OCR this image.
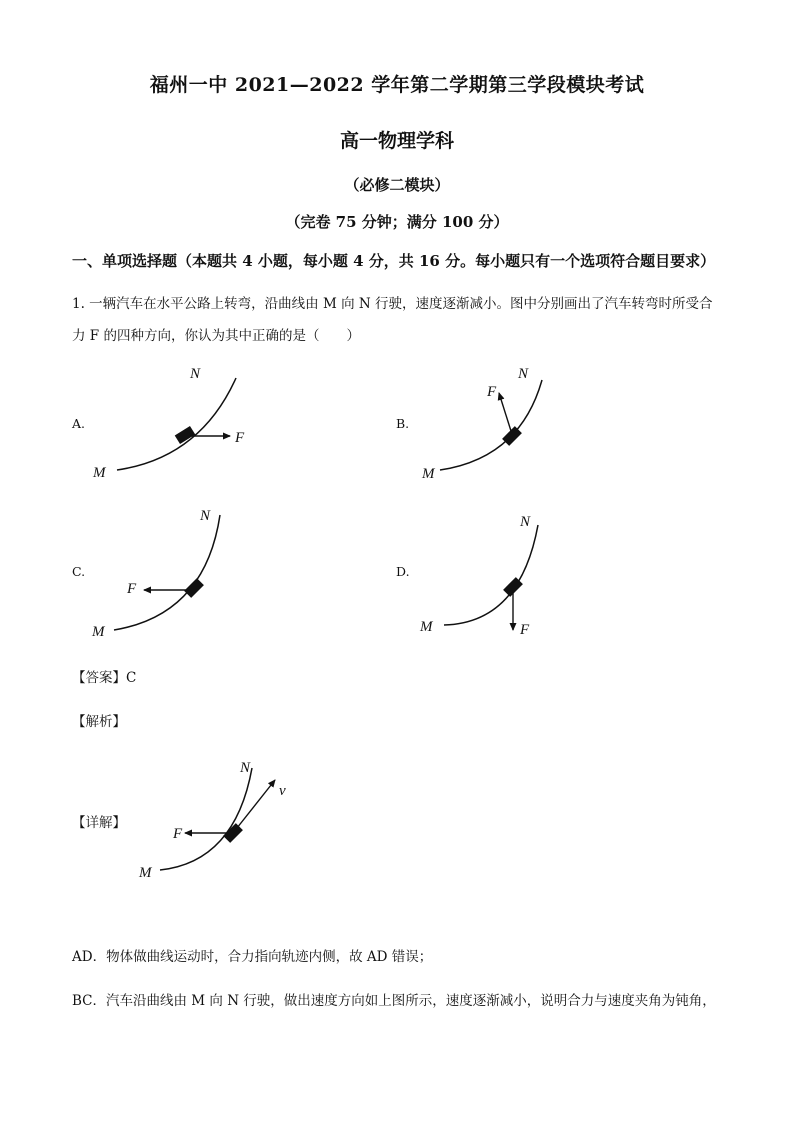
福州一中 2021—2022 学年第二学期第三学段模块考试
高一物理学科
（必修二模块）
（完卷 75 分钟；满分 100 分）
一、单项选择题（本题共 4 小题，每小题 4 分，共 16 分。每小题只有一个选项符合题目要求）
1. 一辆汽车在水平公路上转弯，沿曲线由 M 向 N 行驶，速度逐渐减小。图中分别画出了汽车转弯时所受合
力 F 的四种方向，你认为其中正确的是（　　）
A.
N
M
F
B.
N
M
F
C.
N
M
F
D.
N
M	F
【答案】C
【解析】
【详解】
N
M
F
v
AD．物体做曲线运动时，合力指向轨迹内侧，故 AD 错误；
BC．汽车沿曲线由 M 向 N 行驶，做出速度方向如上图所示，速度逐渐减小，说明合力与速度夹角为钝角，
